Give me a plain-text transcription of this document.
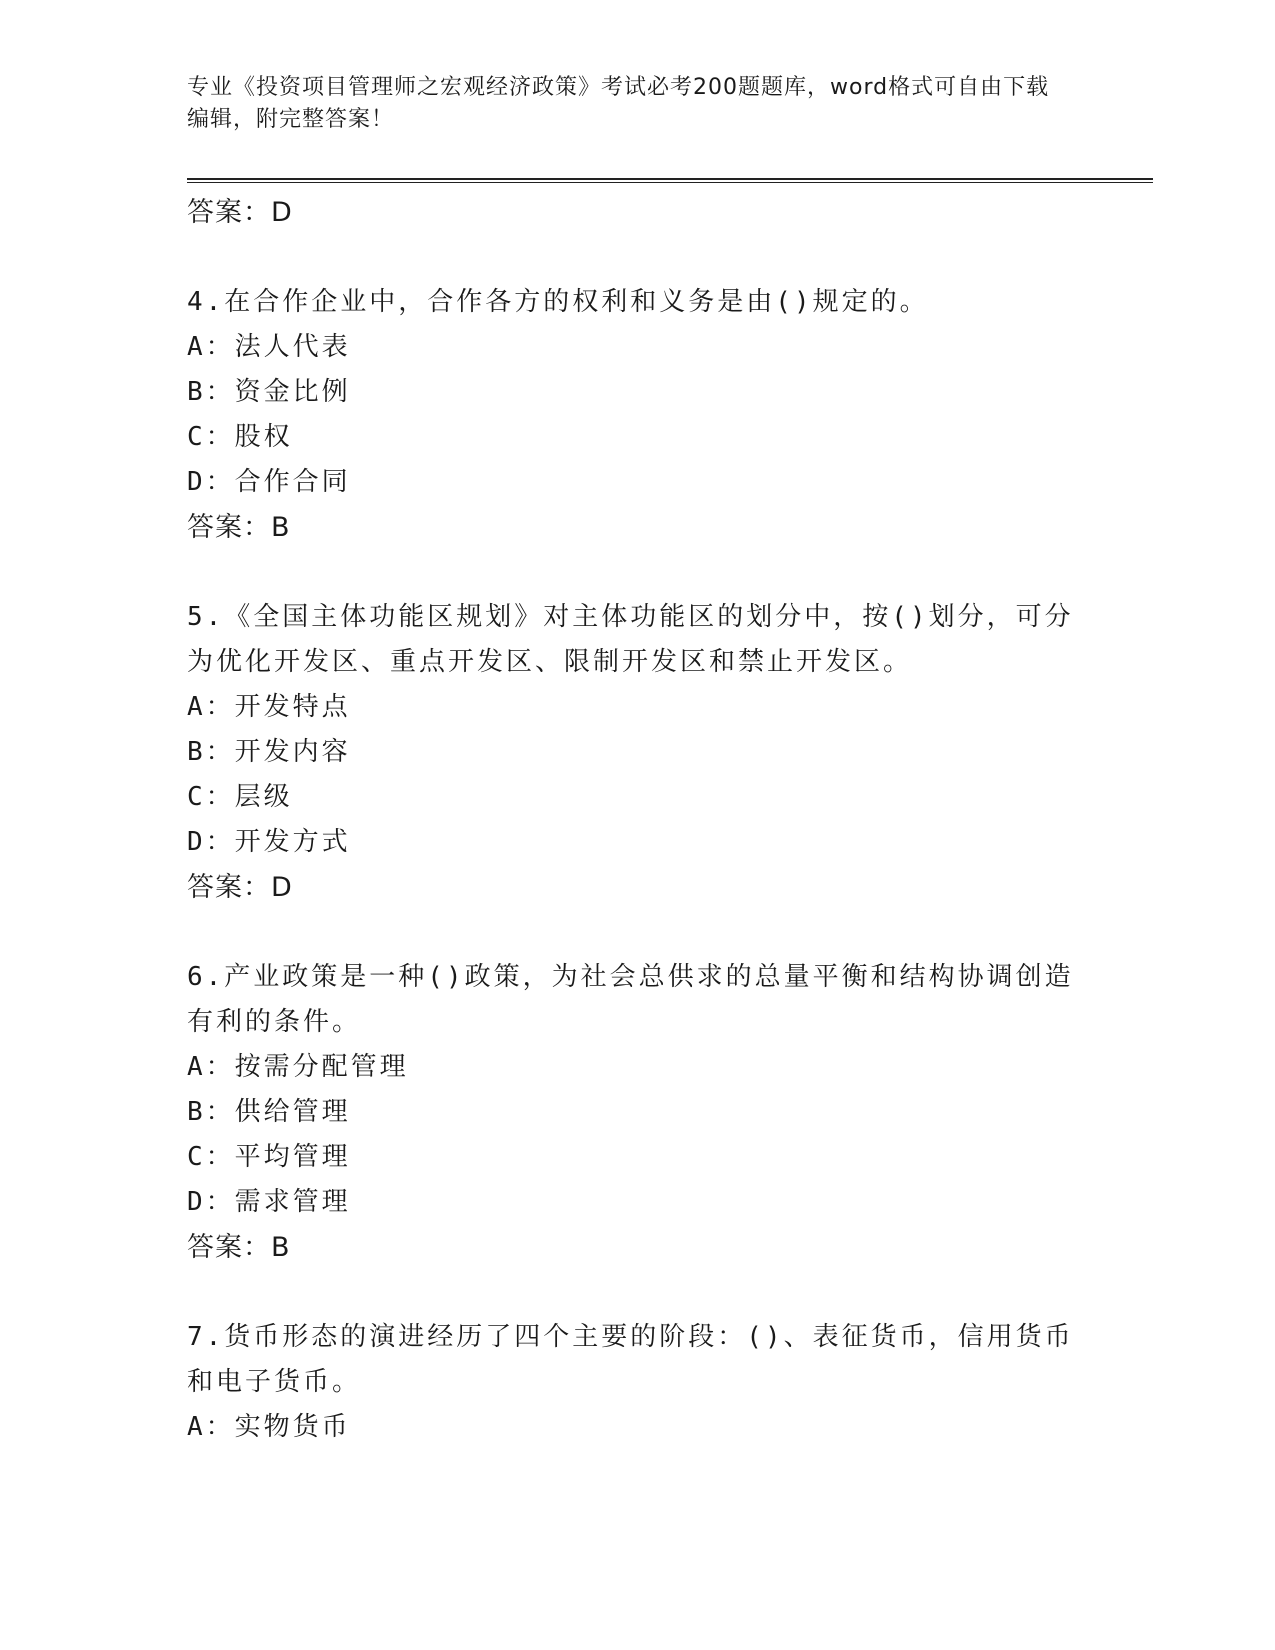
专业《投资项目管理师之宏观经济政策》考试必考200题题库，word格式可自由下载编辑，附完整答案！
答案：D
4.在合作企业中，合作各方的权利和义务是由()规定的。
A：法人代表
B：资金比例
C：股权
D：合作合同
答案：B
5.《全国主体功能区规划》对主体功能区的划分中，按()划分，可分为优化开发区、重点开发区、限制开发区和禁止开发区。
A：开发特点
B：开发内容
C：层级
D：开发方式
答案：D
6.产业政策是一种()政策，为社会总供求的总量平衡和结构协调创造有利的条件。
A：按需分配管理
B：供给管理
C：平均管理
D：需求管理
答案：B
7.货币形态的演进经历了四个主要的阶段：()、表征货币，信用货币和电子货币。
A：实物货币
